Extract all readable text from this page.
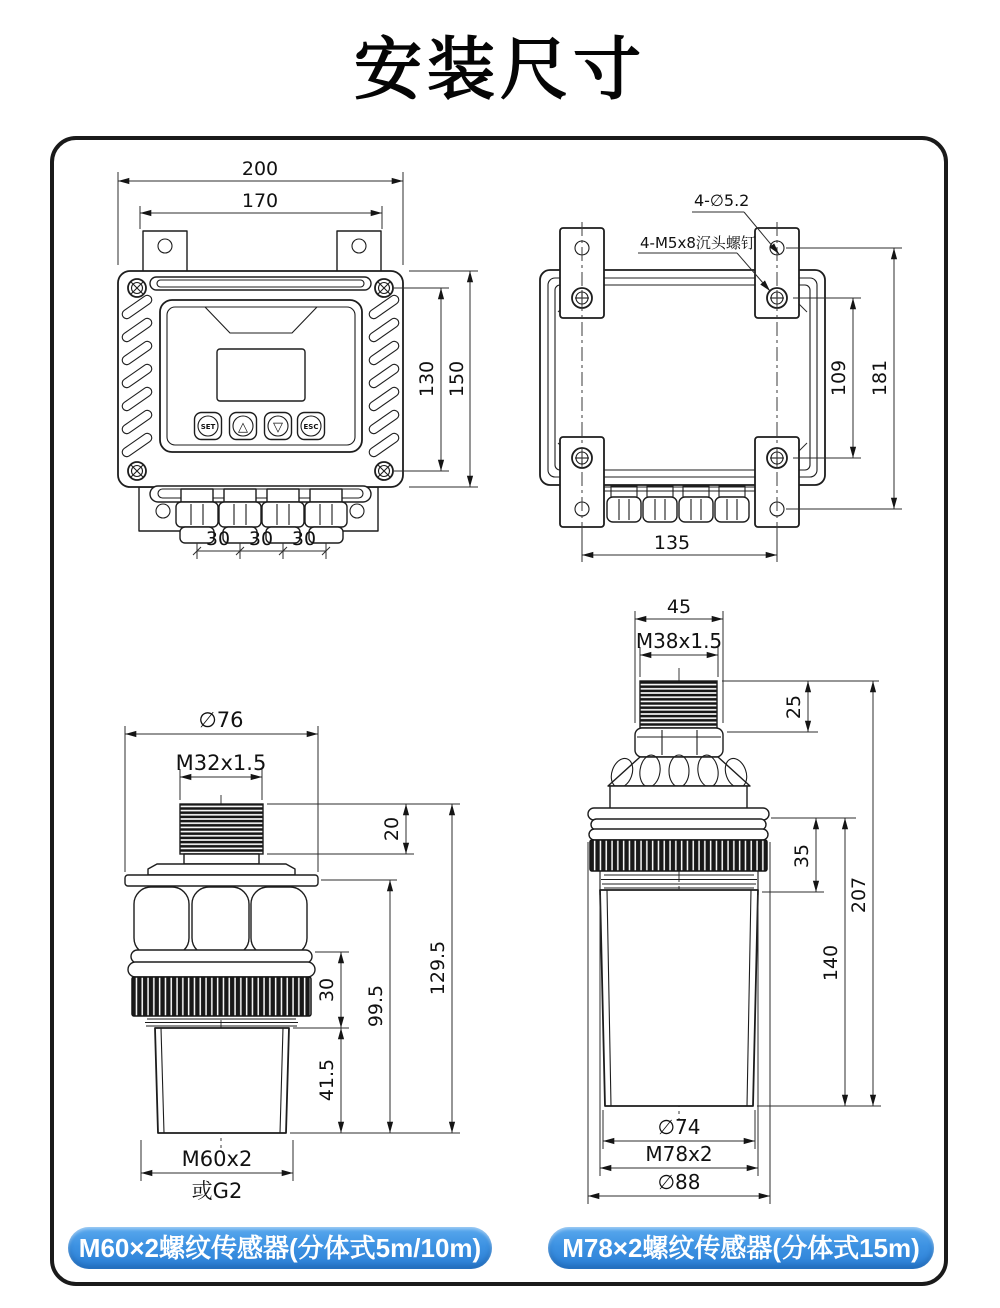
安装尺寸
SET △ ▽	ESC
200
170
130 150
30 30 30
4-∅5.2
4-M5x8沉头螺钉
109 181
135
∅76
M32x1.5
20
30
41.5
99.5
129.5
M60x2
或G2
45
M38x1.5
25
35
140
207
∅74
M78x2
∅88
M60×2螺纹传感器(分体式5m/10m)	M78×2螺纹传感器(分体式15m)
